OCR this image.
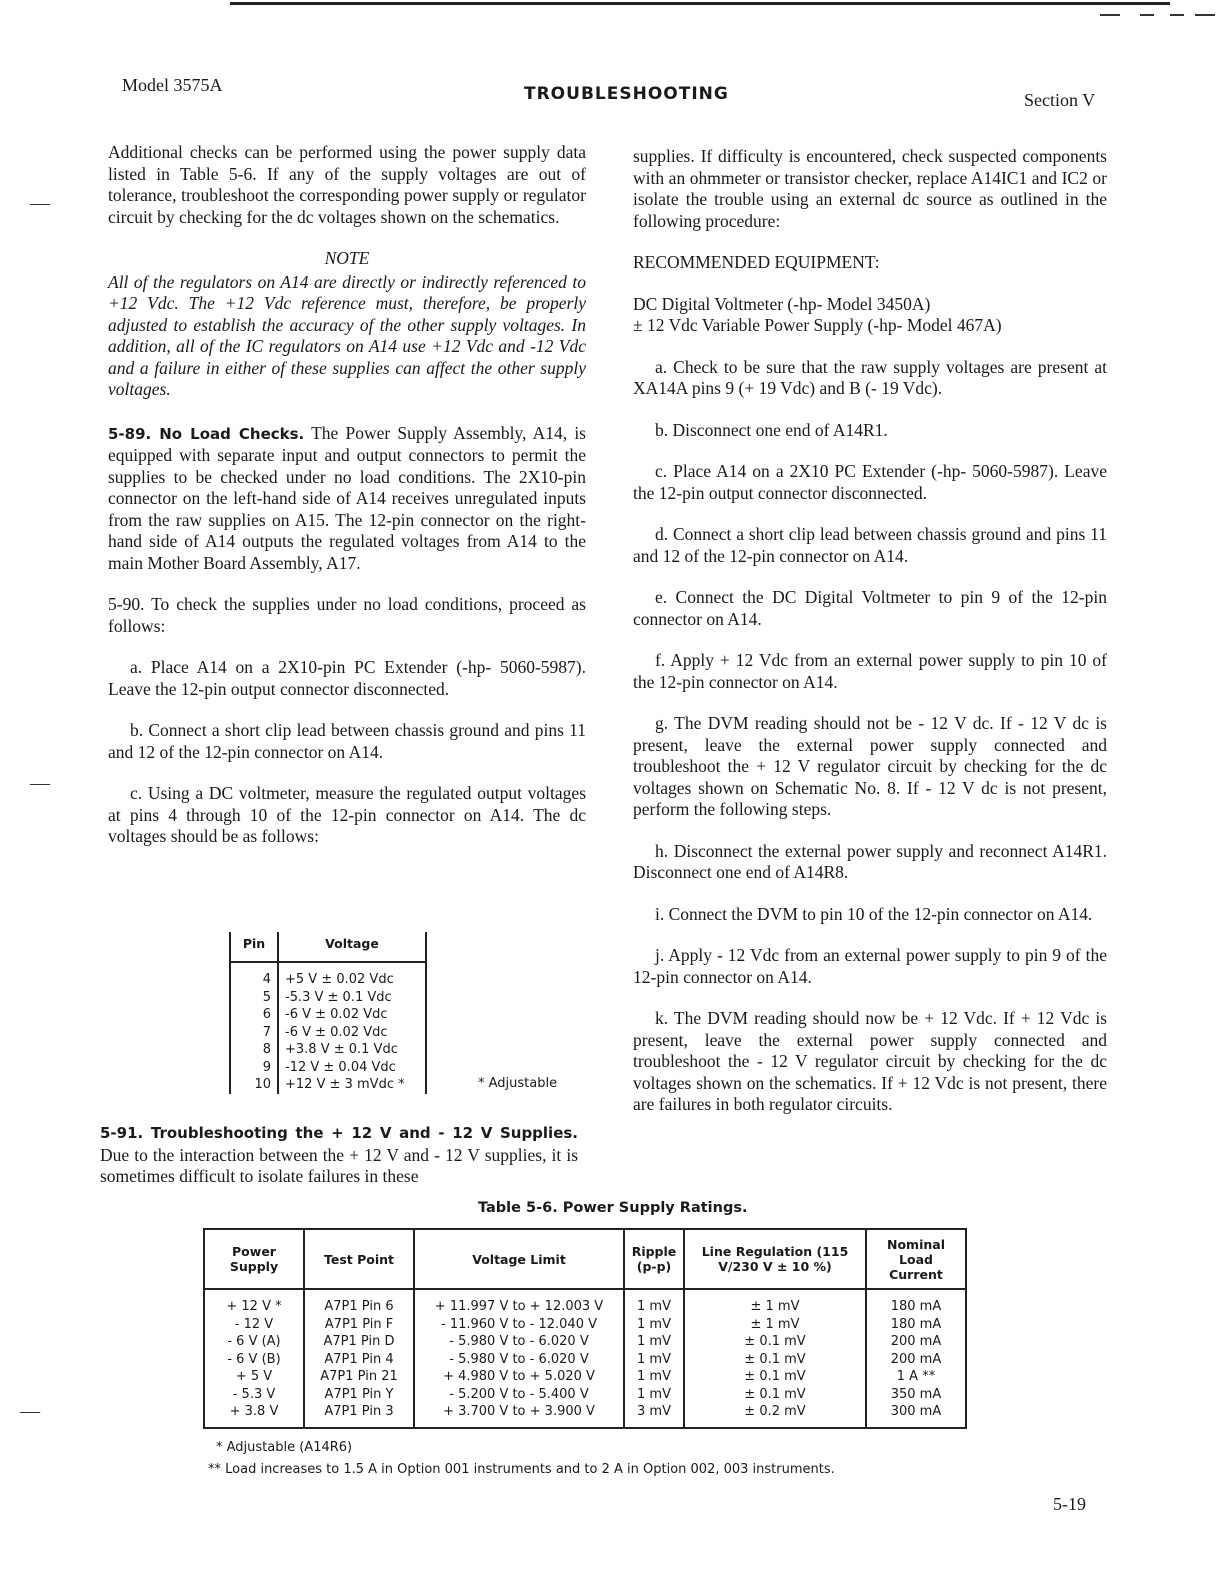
—
—
—
Model 3575A	TROUBLESHOOTING	Section V

Additional checks can be performed using the power supply data listed in Table 5-6. If any of the supply voltages are out of tolerance, troubleshoot the corresponding power supply or regulator circuit by checking for the dc voltages shown on the schematics.

NOTE

All of the regulators on A14 are directly or indirectly referenced to +12 Vdc. The +12 Vdc reference must, therefore, be properly adjusted to establish the accuracy of the other supply voltages. In addition, all of the IC regulators on A14 use +12 Vdc and -12 Vdc and a failure in either of these supplies can affect the other supply voltages.

5-89. No Load Checks. The Power Supply Assembly, A14, is equipped with separate input and output connectors to permit the supplies to be checked under no load conditions. The 2X10-pin connector on the left-hand side of A14 receives unregulated inputs from the raw supplies on A15. The 12-pin connector on the right-hand side of A14 outputs the regulated voltages from A14 to the main Mother Board Assembly, A17.

5-90. To check the supplies under no load conditions, proceed as follows:

a. Place A14 on a 2X10-pin PC Extender (-hp- 5060-5987). Leave the 12-pin output connector disconnected.

b. Connect a short clip lead between chassis ground and pins 11 and 12 of the 12-pin connector on A14.

c. Using a DC voltmeter, measure the regulated output voltages at pins 4 through 10 of the 12-pin connector on A14. The dc voltages should be as follows:

Pin	Voltage
4	+5 V ± 0.02 Vdc
5	-5.3 V ± 0.1 Vdc
6	-6 V ± 0.02 Vdc
7	-6 V ± 0.02 Vdc
8	+3.8 V ± 0.1 Vdc
9	-12 V ± 0.04 Vdc
10	+12 V ± 3 mVdc *	* Adjustable
5-91. Troubleshooting the + 12 V and - 12 V Supplies. Due to the interaction between the + 12 V and - 12 V supplies, it is sometimes difficult to isolate failures in these

supplies. If difficulty is encountered, check suspected components with an ohmmeter or transistor checker, replace A14IC1 and IC2 or isolate the trouble using an external dc source as outlined in the following procedure:

RECOMMENDED EQUIPMENT:

DC Digital Voltmeter (-hp- Model 3450A)

± 12 Vdc Variable Power Supply (-hp- Model 467A)

a. Check to be sure that the raw supply voltages are present at XA14A pins 9 (+ 19 Vdc) and B (- 19 Vdc).

b. Disconnect one end of A14R1.

c. Place A14 on a 2X10 PC Extender (-hp- 5060-5987). Leave the 12-pin output connector disconnected.

d. Connect a short clip lead between chassis ground and pins 11 and 12 of the 12-pin connector on A14.

e. Connect the DC Digital Voltmeter to pin 9 of the 12-pin connector on A14.

f. Apply + 12 Vdc from an external power supply to pin 10 of the 12-pin connector on A14.

g. The DVM reading should not be - 12 V dc. If - 12 V dc is present, leave the external power supply connected and troubleshoot the + 12 V regulator circuit by checking for the dc voltages shown on Schematic No. 8. If - 12 V dc is not present, perform the following steps.

h. Disconnect the external power supply and reconnect A14R1. Disconnect one end of A14R8.

i. Connect the DVM to pin 10 of the 12-pin connector on A14.

j. Apply - 12 Vdc from an external power supply to pin 9 of the 12-pin connector on A14.

k. The DVM reading should now be + 12 Vdc. If + 12 Vdc is present, leave the external power supply connected and troubleshoot the - 12 V regulator circuit by checking for the dc voltages shown on the schematics. If + 12 Vdc is not present, there are failures in both regulator circuits.

Table 5-6. Power Supply Ratings.
Power Supply	Test Point	Voltage Limit	Ripple (p-p)	Line Regulation (115 V/230 V ± 10 %)	Nominal Load Current
+ 12 V *	A7P1 Pin 6	+ 11.997 V to + 12.003 V	1 mV	± 1 mV	180 mA
- 12 V	A7P1 Pin F	- 11.960 V to - 12.040 V	1 mV	± 1 mV	180 mA
- 6 V (A)	A7P1 Pin D	- 5.980 V to - 6.020 V	1 mV	± 0.1 mV	200 mA
- 6 V (B)	A7P1 Pin 4	- 5.980 V to - 6.020 V	1 mV	± 0.1 mV	200 mA
+ 5 V	A7P1 Pin 21	+ 4.980 V to + 5.020 V	1 mV	± 0.1 mV	1 A **
- 5.3 V	A7P1 Pin Y	- 5.200 V to - 5.400 V	1 mV	± 0.1 mV	350 mA
+ 3.8 V	A7P1 Pin 3	+ 3.700 V to + 3.900 V	3 mV	± 0.2 mV	300 mA
* Adjustable (A14R6)
** Load increases to 1.5 A in Option 001 instruments and to 2 A in Option 002, 003 instruments.
5-19
